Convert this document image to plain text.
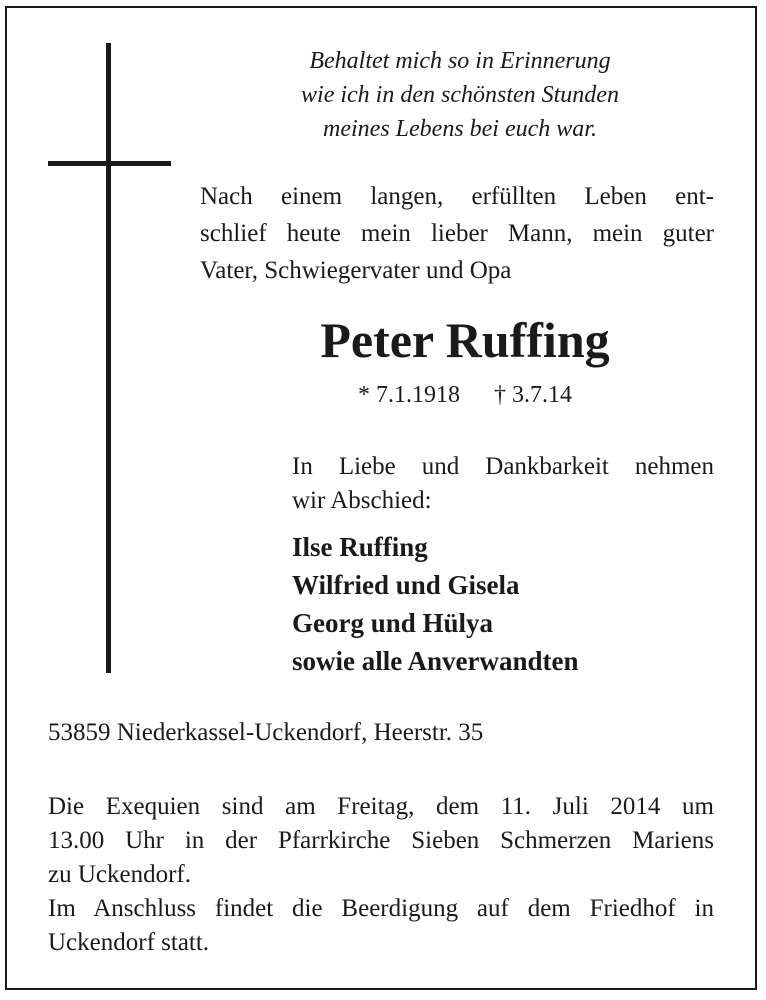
Behaltet mich so in Erinnerung
wie ich in den schönsten Stunden
meines Lebens bei euch war.
Nach einem langen, erfüllten Leben ent-
schlief heute mein lieber Mann, mein guter
Vater, Schwiegervater und Opa
Peter Ruffing
* 7.1.1918 † 3.7.14
In Liebe und Dankbarkeit nehmen
wir Abschied:
Ilse Ruffing
Wilfried und Gisela
Georg und Hülya
sowie alle Anverwandten
53859 Niederkassel-Uckendorf, Heerstr. 35
Die Exequien sind am Freitag, dem 11. Juli 2014 um
13.00 Uhr in der Pfarrkirche Sieben Schmerzen Mariens
zu Uckendorf.
Im Anschluss findet die Beerdigung auf dem Friedhof in
Uckendorf statt.
